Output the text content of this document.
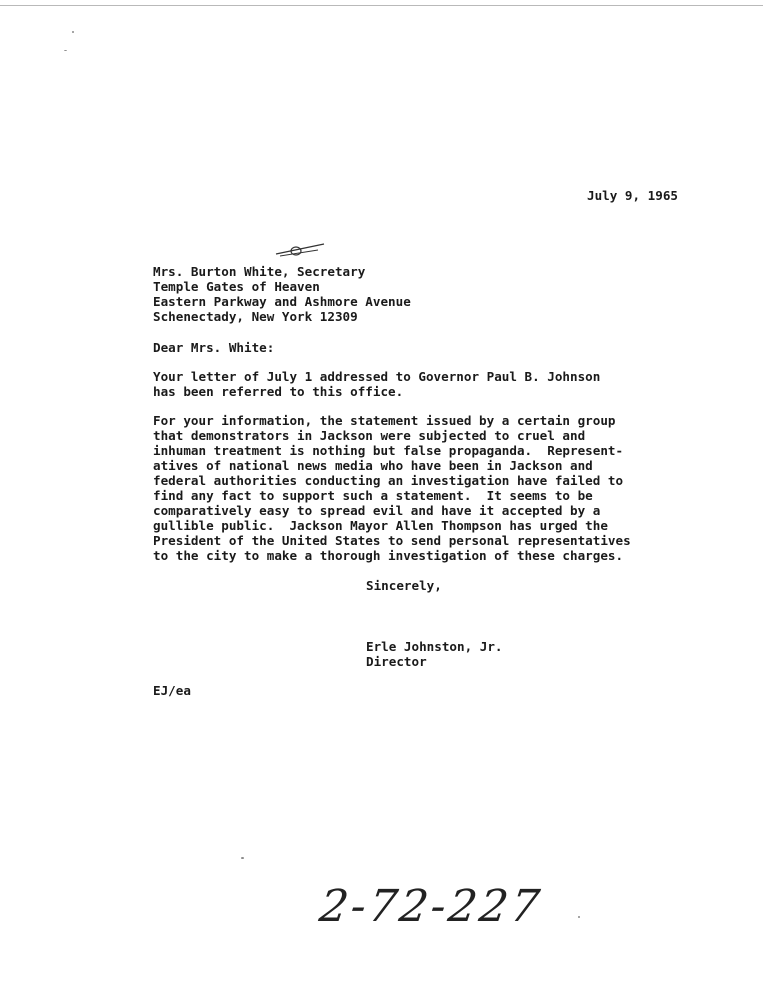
July 9, 1965
Mrs. Burton White, Secretary
Temple Gates of Heaven
Eastern Parkway and Ashmore Avenue
Schenectady, New York 12309
Dear Mrs. White:
Your letter of July 1 addressed to Governor Paul B. Johnson
has been referred to this office.
For your information, the statement issued by a certain group
that demonstrators in Jackson were subjected to cruel and
inhuman treatment is nothing but false propaganda.  Represent-
atives of national news media who have been in Jackson and
federal authorities conducting an investigation have failed to
find any fact to support such a statement.  It seems to be
comparatively easy to spread evil and have it accepted by a
gullible public.  Jackson Mayor Allen Thompson has urged the
President of the United States to send personal representatives
to the city to make a thorough investigation of these charges.
Sincerely,
Erle Johnston, Jr.
Director
EJ/ea
2-72-227
